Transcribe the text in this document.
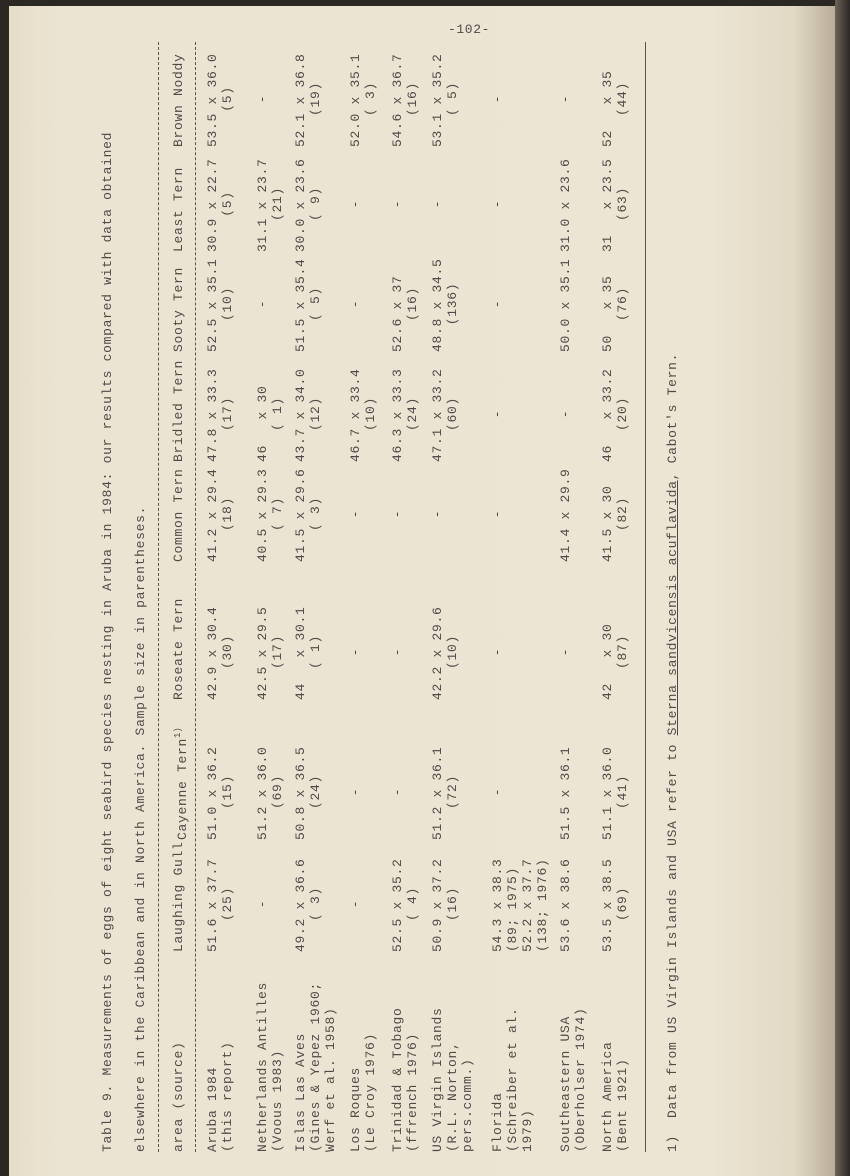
-102-
Table 9. Measurements of eggs of eight seabird species nesting in Aruba in 1984: our results compared with data obtained elsewhere in the Caribbean and in North America. Sample size in parentheses. area (source)
Laughing Gull
Cayenne Tern$^{1)}$
Roseate Tern
Common Tern
Bridled Tern
Sooty Tern
Least Tern
Brown Noddy
Aruba 1984 (this report)
51.6 x 37.7 (25)
51.0 x 36.2 (15)
42.9 x 30.4 (30)
41.2 x 29.4 (18)
47.8 x 33.3 (17)
52.5 x 35.1 (10)
30.9 x 22.7 (5)
53.5 x 36.0 (5)
Netherlands Antilles (Voous 1983)
-
51.2 x 36.0 (69)
42.5 x 29.5 (17)
40.5 x 29.3 ( 7)
46   x 30 ( 1)
-
31.1 x 23.7 (21)
-
Islas Las Aves (Gines & Yepez 1960; Werf et al. 1958)
49.2 x 36.6 ( 3)
50.8 x 36.5 (24)
44   x 30.1 ( 1)
41.5 x 29.6 ( 3)
43.7 x 34.0 (12)
51.5 x 35.4 ( 5)
30.0 x 23.6 ( 9)
52.1 x 36.8 (19)
Los Roques (Le Croy 1976)
-
-
-
-
46.7 x 33.4 (10)
-
-
52.0 x 35.1 ( 3)
Trinidad & Tobago (ffrench 1976)
52.5 x 35.2 ( 4)
-
-
-
46.3 x 33.3 (24)
52.6 x 37 (16)
-
54.6 x 36.7 (16)
US Virgin Islands (R.L. Norton, pers.comm.)
50.9 x 37.2 (16)
51.2 x 36.1 (72)
42.2 x 29.6 (10)
-
47.1 x 33.2 (60)
48.8 x 34.5 (136)
-
53.1 x 35.2 ( 5)
Florida (Schreiber et al. 1979)
54.3 x 38.3 (89; 1975) 52.2 x 37.7 (138; 1976)
-
-
-
-
-
-
-
Southeastern USA (Oberholser 1974)
53.6 x 38.6
51.5 x 36.1
-
41.4 x 29.9
-
50.0 x 35.1
31.0 x 23.6
-
North America (Bent 1921)
53.5 x 38.5 (69)
51.1 x 36.0 (41)
42   x 30 (87)
41.5 x 30 (82)
46   x 33.2 (20)
50   x 35 (76)
31   x 23.5 (63)
52   x 35 (44)
1)  Data from US Virgin Islands and USA refer to Sterna sandvicensis acuflavida, Cabot's Tern.
